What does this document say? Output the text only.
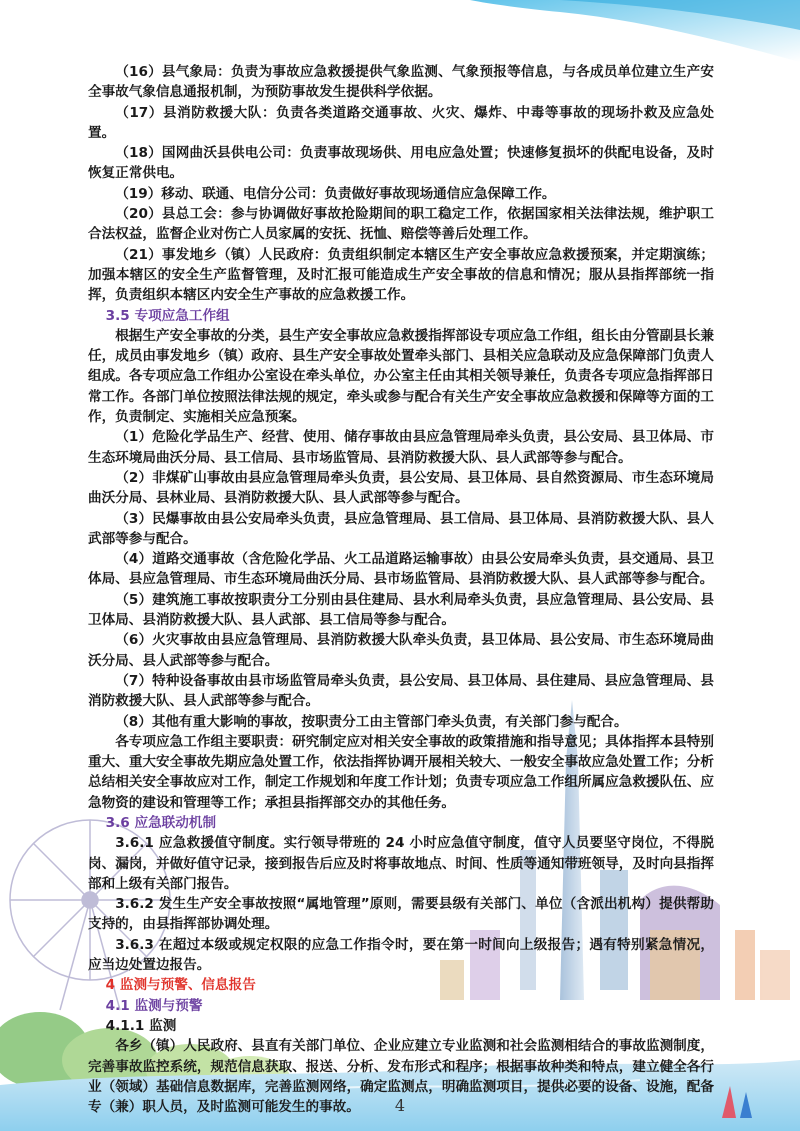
（16）县气象局：负责为事故应急救援提供气象监测、气象预报等信息，与各成员单位建立生产安全事故气象信息通报机制，为预防事故发生提供科学依据。

（17）县消防救援大队：负责各类道路交通事故、火灾、爆炸、中毒等事故的现场扑救及应急处置。

（18）国网曲沃县供电公司：负责事故现场供、用电应急处置；快速修复损坏的供配电设备，及时恢复正常供电。

（19）移动、联通、电信分公司：负责做好事故现场通信应急保障工作。

（20）县总工会：参与协调做好事故抢险期间的职工稳定工作，依据国家相关法律法规，维护职工合法权益，监督企业对伤亡人员家属的安抚、抚恤、赔偿等善后处理工作。

（21）事发地乡（镇）人民政府：负责组织制定本辖区生产安全事故应急救援预案，并定期演练；加强本辖区的安全生产监督管理，及时汇报可能造成生产安全事故的信息和情况；服从县指挥部统一指挥，负责组织本辖区内安全生产事故的应急救援工作。

3.5 专项应急工作组

根据生产安全事故的分类，县生产安全事故应急救援指挥部设专项应急工作组，组长由分管副县长兼任，成员由事发地乡（镇）政府、县生产安全事故处置牵头部门、县相关应急联动及应急保障部门负责人组成。各专项应急工作组办公室设在牵头单位，办公室主任由其相关领导兼任，负责各专项应急指挥部日常工作。各部门单位按照法律法规的规定，牵头或参与配合有关生产安全事故应急救援和保障等方面的工作，负责制定、实施相关应急预案。

（1）危险化学品生产、经营、使用、储存事故由县应急管理局牵头负责，县公安局、县卫体局、市生态环境局曲沃分局、县工信局、县市场监管局、县消防救援大队、县人武部等参与配合。

（2）非煤矿山事故由县应急管理局牵头负责，县公安局、县卫体局、县自然资源局、市生态环境局曲沃分局、县林业局、县消防救援大队、县人武部等参与配合。

（3）民爆事故由县公安局牵头负责，县应急管理局、县工信局、县卫体局、县消防救援大队、县人武部等参与配合。

（4）道路交通事故（含危险化学品、火工品道路运输事故）由县公安局牵头负责，县交通局、县卫体局、县应急管理局、市生态环境局曲沃分局、县市场监管局、县消防救援大队、县人武部等参与配合。

（5）建筑施工事故按职责分工分别由县住建局、县水利局牵头负责，县应急管理局、县公安局、县卫体局、县消防救援大队、县人武部、县工信局等参与配合。

（6）火灾事故由县应急管理局、县消防救援大队牵头负责，县卫体局、县公安局、市生态环境局曲沃分局、县人武部等参与配合。

（7）特种设备事故由县市场监管局牵头负责，县公安局、县卫体局、县住建局、县应急管理局、县消防救援大队、县人武部等参与配合。

（8）其他有重大影响的事故，按职责分工由主管部门牵头负责，有关部门参与配合。

各专项应急工作组主要职责：研究制定应对相关安全事故的政策措施和指导意见；具体指挥本县特别重大、重大安全事故先期应急处置工作，依法指挥协调开展相关较大、一般安全事故应急处置工作；分析总结相关安全事故应对工作，制定工作规划和年度工作计划；负责专项应急工作组所属应急救援队伍、应急物资的建设和管理等工作；承担县指挥部交办的其他任务。

3.6 应急联动机制

3.6.1 应急救援值守制度。实行领导带班的 24 小时应急值守制度，值守人员要坚守岗位，不得脱岗、漏岗，并做好值守记录，接到报告后应及时将事故地点、时间、性质等通知带班领导，及时向县指挥部和上级有关部门报告。

3.6.2 发生生产安全事故按照“属地管理”原则，需要县级有关部门、单位（含派出机构）提供帮助支持的，由县指挥部协调处理。

3.6.3 在超过本级或规定权限的应急工作指令时，要在第一时间向上级报告；遇有特别紧急情况，应当边处置边报告。

4 监测与预警、信息报告

4.1 监测与预警

4.1.1 监测

各乡（镇）人民政府、县直有关部门单位、企业应建立专业监测和社会监测相结合的事故监测制度，完善事故监控系统，规范信息获取、报送、分析、发布形式和程序；根据事故种类和特点，建立健全各行业（领域）基础信息数据库，完善监测网络，确定监测点，明确监测项目，提供必要的设备、设施，配备专（兼）职人员，及时监测可能发生的事故。	4
